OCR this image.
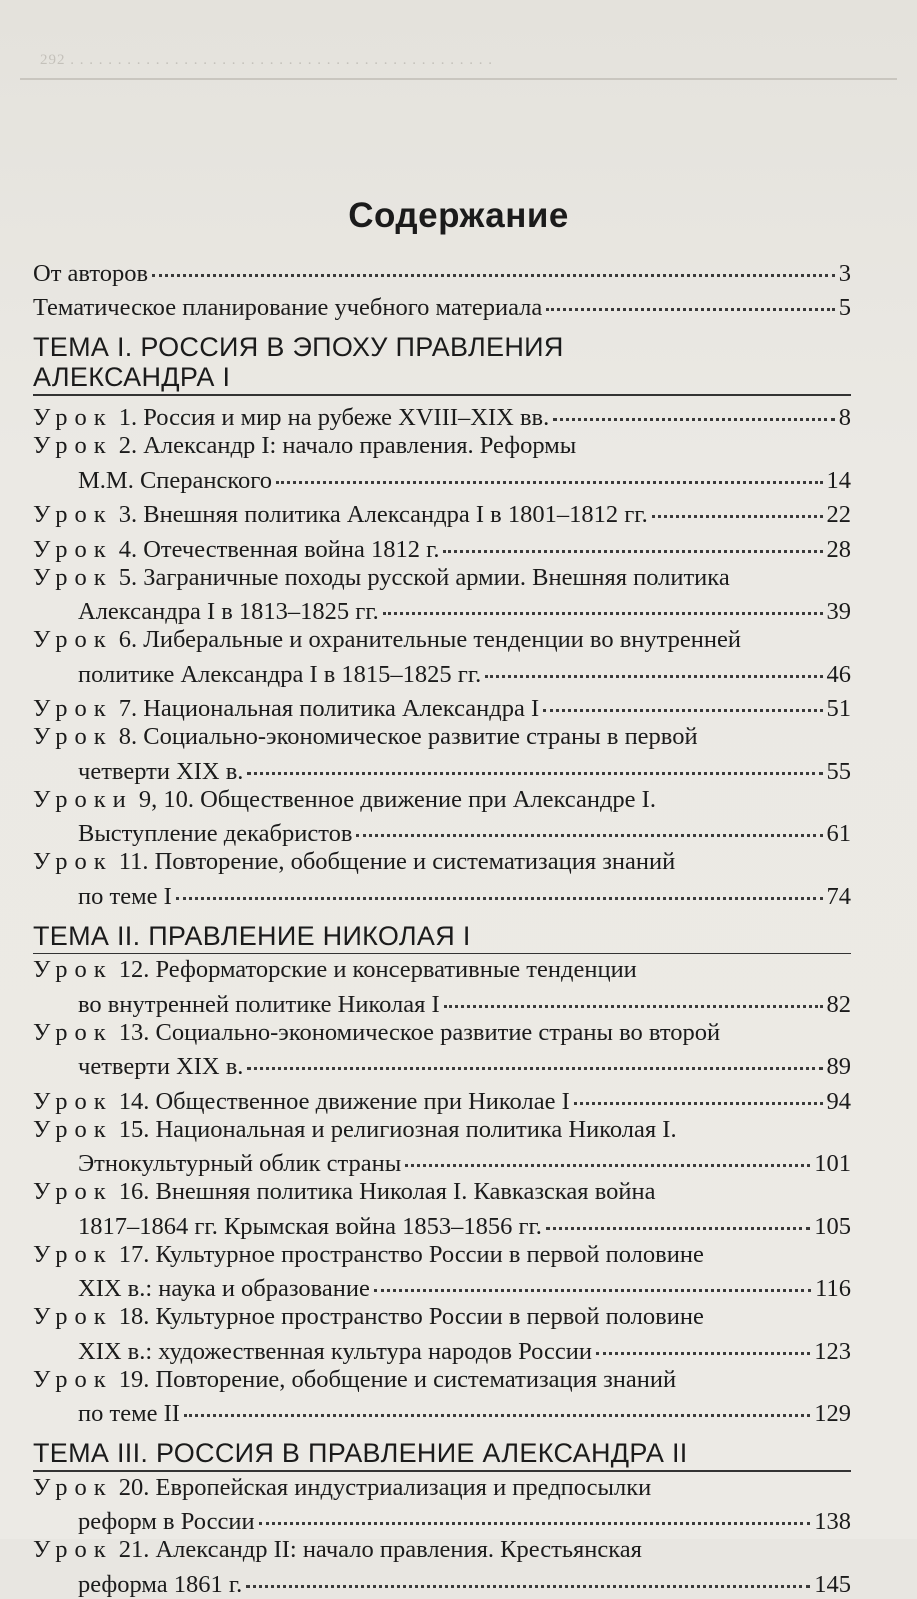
292 . . . . . . . . . . . . . . . . . . . . . . . . . . . . . . . . . . . . . . . . . . . . .
Содержание
От авторов	3
Тематическое планирование учебного материала	5
ТЕМА I. РОССИЯ В ЭПОХУ ПРАВЛЕНИЯ
АЛЕКСАНДРА I
Урок 1. Россия и мир на рубеже XVIII–XIX вв.	8
Урок 2. Александр I: начало правления. Реформы
М.М. Сперанского	14
Урок 3. Внешняя политика Александра I в 1801–1812 гг.	22
Урок 4. Отечественная война 1812 г.	28
Урок 5. Заграничные походы русской армии. Внешняя политика
Александра I в 1813–1825 гг.	39
Урок 6. Либеральные и охранительные тенденции во внутренней
политике Александра I в 1815–1825 гг.	46
Урок 7. Национальная политика Александра I	51
Урок 8. Социально-экономическое развитие страны в первой
четверти XIX в.	55
Уроки 9, 10. Общественное движение при Александре I.
Выступление декабристов	61
Урок 11. Повторение, обобщение и систематизация знаний
по теме I	74
ТЕМА II. ПРАВЛЕНИЕ НИКОЛАЯ I
Урок 12. Реформаторские и консервативные тенденции
во внутренней политике Николая I	82
Урок 13. Социально-экономическое развитие страны во второй
четверти XIX в.	89
Урок 14. Общественное движение при Николае I	94
Урок 15. Национальная и религиозная политика Николая I.
Этнокультурный облик страны	101
Урок 16. Внешняя политика Николая I. Кавказская война
1817–1864 гг. Крымская война 1853–1856 гг.	105
Урок 17. Культурное пространство России в первой половине
XIX в.: наука и образование	116
Урок 18. Культурное пространство России в первой половине
XIX в.: художественная культура народов России	123
Урок 19. Повторение, обобщение и систематизация знаний
по теме II	129
ТЕМА III. РОССИЯ В ПРАВЛЕНИЕ АЛЕКСАНДРА II
Урок 20. Европейская индустриализация и предпосылки
реформ в России	138
Урок 21. Александр II: начало правления. Крестьянская
реформа 1861 г.	145
